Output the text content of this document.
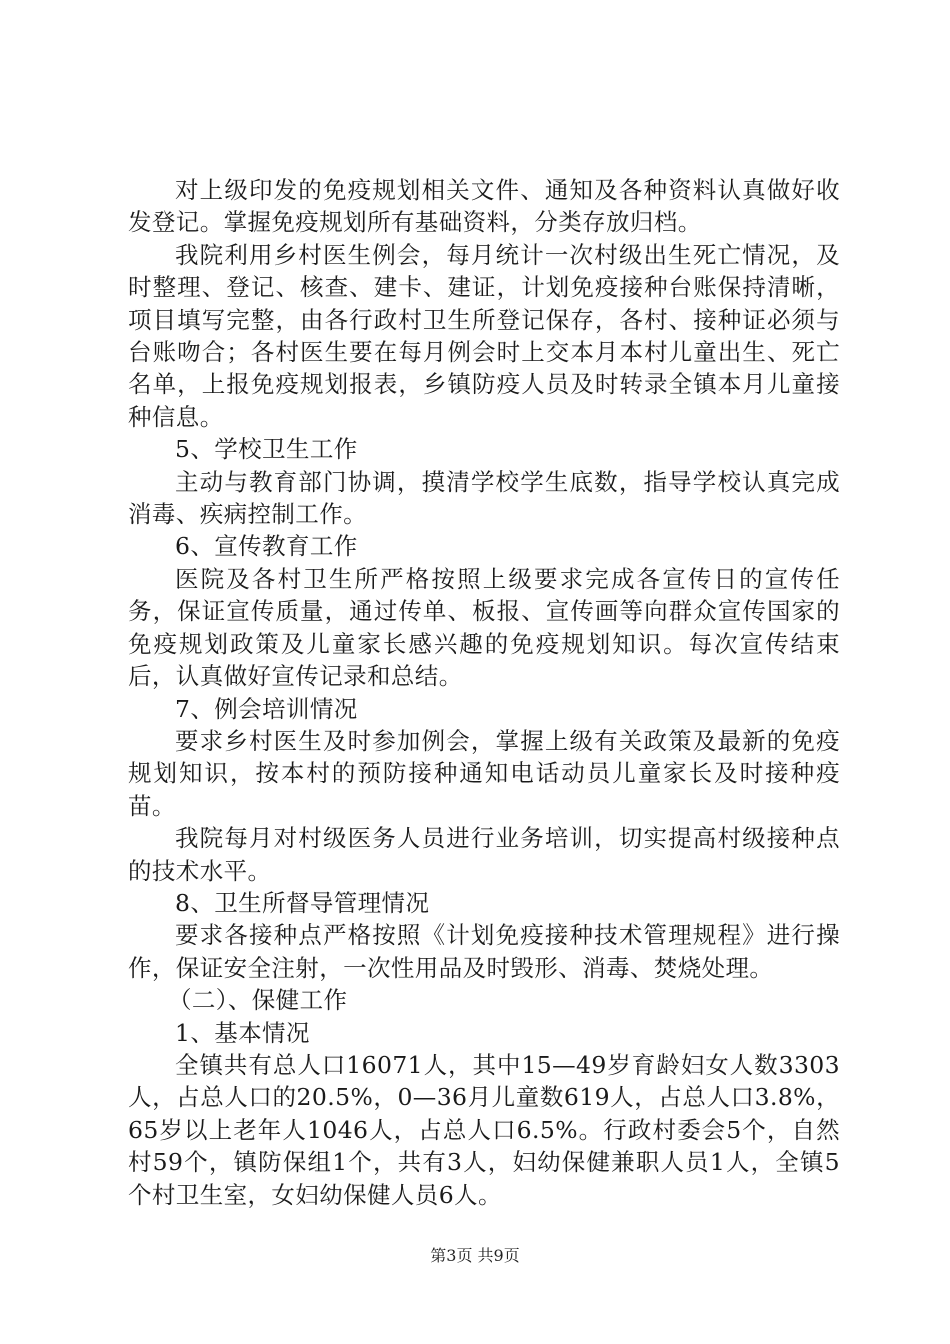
对上级印发的免疫规划相关文件、通知及各种资料认真做好收发登记。掌握免疫规划所有基础资料，分类存放归档。

我院利用乡村医生例会，每月统计一次村级出生死亡情况，及时整理、登记、核查、建卡、建证，计划免疫接种台账保持清晰，项目填写完整，由各行政村卫生所登记保存，各村、接种证必须与台账吻合；各村医生要在每月例会时上交本月本村儿童出生、死亡名单，上报免疫规划报表，乡镇防疫人员及时转录全镇本月儿童接种信息。

5、学校卫生工作

主动与教育部门协调，摸清学校学生底数，指导学校认真完成消毒、疾病控制工作。

6、宣传教育工作

医院及各村卫生所严格按照上级要求完成各宣传日的宣传任务，保证宣传质量，通过传单、板报、宣传画等向群众宣传国家的免疫规划政策及儿童家长感兴趣的免疫规划知识。每次宣传结束后，认真做好宣传记录和总结。

7、例会培训情况

要求乡村医生及时参加例会，掌握上级有关政策及最新的免疫规划知识，按本村的预防接种通知电话动员儿童家长及时接种疫苗。

我院每月对村级医务人员进行业务培训，切实提高村级接种点的技术水平。

8、卫生所督导管理情况

要求各接种点严格按照《计划免疫接种技术管理规程》进行操作，保证安全注射，一次性用品及时毁形、消毒、焚烧处理。

（二）、保健工作

1、基本情况

全镇共有总人口16071人，其中15—49岁育龄妇女人数3303人，占总人口的20.5%，0—36月儿童数619人，占总人口3.8%，65岁以上老年人1046人，占总人口6.5%。行政村委会5个，自然村59个，镇防保组1个，共有3人，妇幼保健兼职人员1人，全镇5个村卫生室，女妇幼保健人员6人。

第3页 共9页
